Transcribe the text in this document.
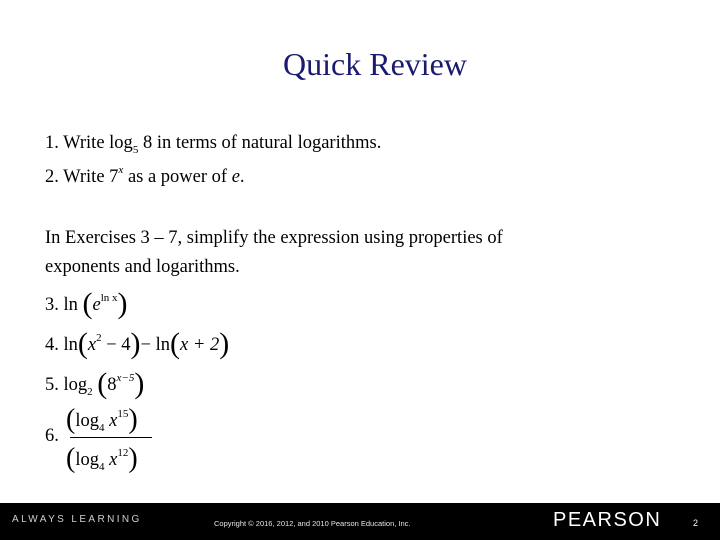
Quick Review
1. Write $\log_5 8$ in terms of natural logarithms.
2. Write 7$^x$ as a power of e.
In Exercises 3 – 7, simplify the expression using properties of
exponents and logarithms.
3. $\ln (e^{ln x})$
4. $\ln(x^2 - 4)- \ln(x + 2)$
5. $\log_2 (8^{x-5})$
6.
($\log_4$ $x^{15}$)
($\log_4$ $x^{12}$)
ALWAYS LEARNING	Copyright © 2016, 2012, and 2010 Pearson Education, Inc.	PEARSON	2
